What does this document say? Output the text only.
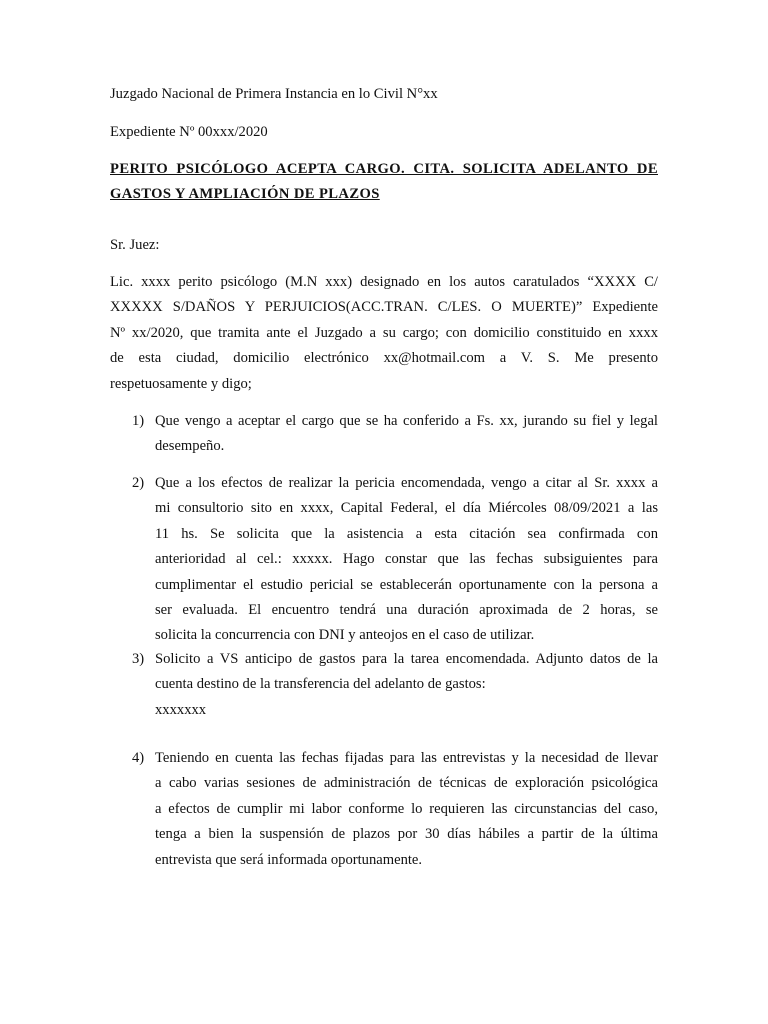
Juzgado Nacional de Primera Instancia en lo Civil N°xx
Expediente Nº 00xxx/2020
PERITO PSICÓLOGO ACEPTA CARGO. CITA. SOLICITA ADELANTO DE
GASTOS Y AMPLIACIÓN DE PLAZOS
Sr. Juez:
Lic. xxxx perito psicólogo (M.N xxx) designado en los autos caratulados “XXXX C/
XXXXX S/DAÑOS Y PERJUICIOS(ACC.TRAN. C/LES. O MUERTE)” Expediente
Nº xx/2020, que tramita ante el Juzgado a su cargo; con domicilio constituido en xxxx
de esta ciudad, domicilio electrónico xx@hotmail.com a V. S. Me presento
respetuosamente y digo;
1) Que vengo a aceptar el cargo que se ha conferido a Fs. xx, jurando su fiel y legal
desempeño.
2) Que a los efectos de realizar la pericia encomendada, vengo a citar al Sr. xxxx a
mi consultorio sito en xxxx, Capital Federal, el día Miércoles 08/09/2021 a las
11 hs. Se solicita que la asistencia a esta citación sea confirmada con
anterioridad al cel.: xxxxx. Hago constar que las fechas subsiguientes para
cumplimentar el estudio pericial se establecerán oportunamente con la persona a
ser evaluada. El encuentro tendrá una duración aproximada de 2 horas, se
solicita la concurrencia con DNI y anteojos en el caso de utilizar.
3) Solicito a VS anticipo de gastos para la tarea encomendada. Adjunto datos de la
cuenta destino de la transferencia del adelanto de gastos:
xxxxxxx
4) Teniendo en cuenta las fechas fijadas para las entrevistas y la necesidad de llevar
a cabo varias sesiones de administración de técnicas de exploración psicológica
a efectos de cumplir mi labor conforme lo requieren las circunstancias del caso,
tenga a bien la suspensión de plazos por 30 días hábiles a partir de la última
entrevista que será informada oportunamente.
